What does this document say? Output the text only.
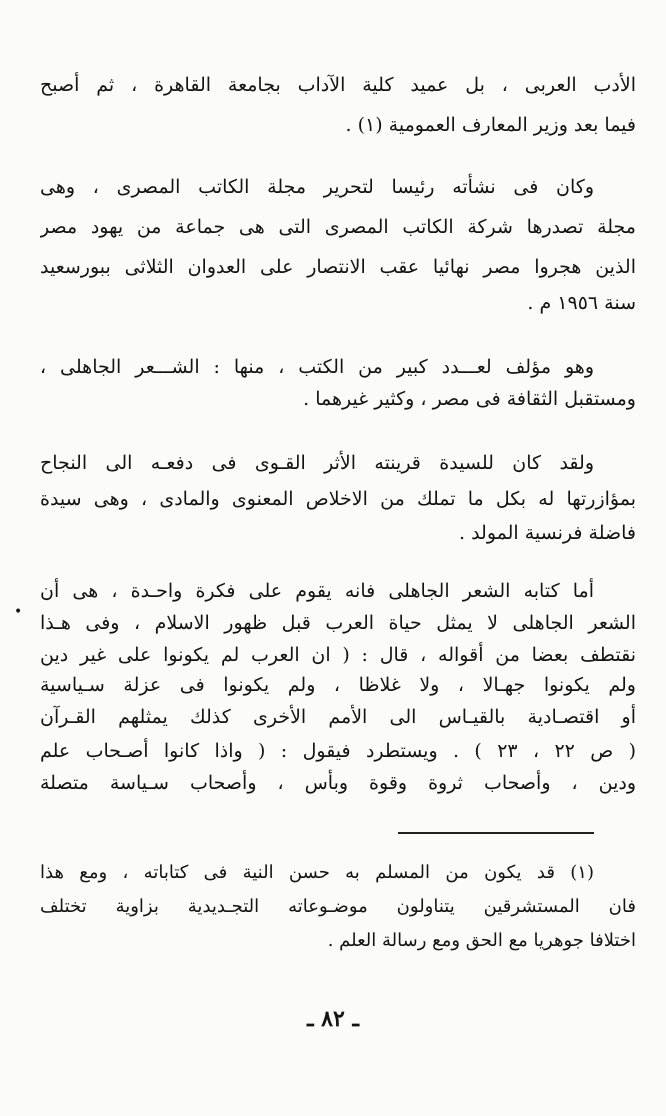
الأدب العربى ، بل عميد كلية الآداب بجامعة القاهرة ، ثم أصبح
فيما بعد وزير المعارف العمومية (١) .
وكان فى نشأته رئيسا لتحرير مجلة الكاتب المصرى ، وهى
مجلة تصدرها شركة الكاتب المصرى التى هى جماعة من يهود مصر
الذين هجروا مصر نهائيا عقب الانتصار على العدوان الثلاثى ببورسعيد
سنة ١٩٥٦ م .
وهو مؤلف لعـــدد كبير من الكتب ، منها : الشـــعر الجاهلى ،
ومستقبل الثقافة فى مصر ، وكثير غيرهما .
ولقد كان للسيدة قرينته الأثر القـوى فى دفعـه الى النجاح
بمؤازرتها له بكل ما تملك من الاخلاص المعنوى والمادى ، وهى سيدة
فاضلة فرنسية المولد .
أما كتابه الشعر الجاهلى فانه يقوم على فكرة واحـدة ، هى أن
الشعر الجاهلى لا يمثل حياة العرب قبل ظهور الاسلام ، وفى هـذا
نقتطف بعضا من أقواله ، قال : ( ان العرب لم يكونوا على غير دين
ولم يكونوا جهـالا ، ولا غلاظا ، ولم يكونوا فى عزلة سـياسية
أو اقتصـادية بالقيـاس الى الأمم الأخرى كذلك يمثلهم القـرآن
( ص ٢٢ ، ٢٣ ) . ويستطرد فيقول : ( واذا كانوا أصـحاب علم
ودين ، وأصحاب ثروة وقوة وبأس ، وأصحاب سـياسة متصلة
•
(١) قد يكون من المسلم به حسن النية فى كتاباته ، ومع هذا
فان المستشرقين يتناولون موضـوعاته التجـديدية بزاوية تختلف
اختلافا جوهريا مع الحق ومع رسالة العلم .
ـ ٨٢ ـ
